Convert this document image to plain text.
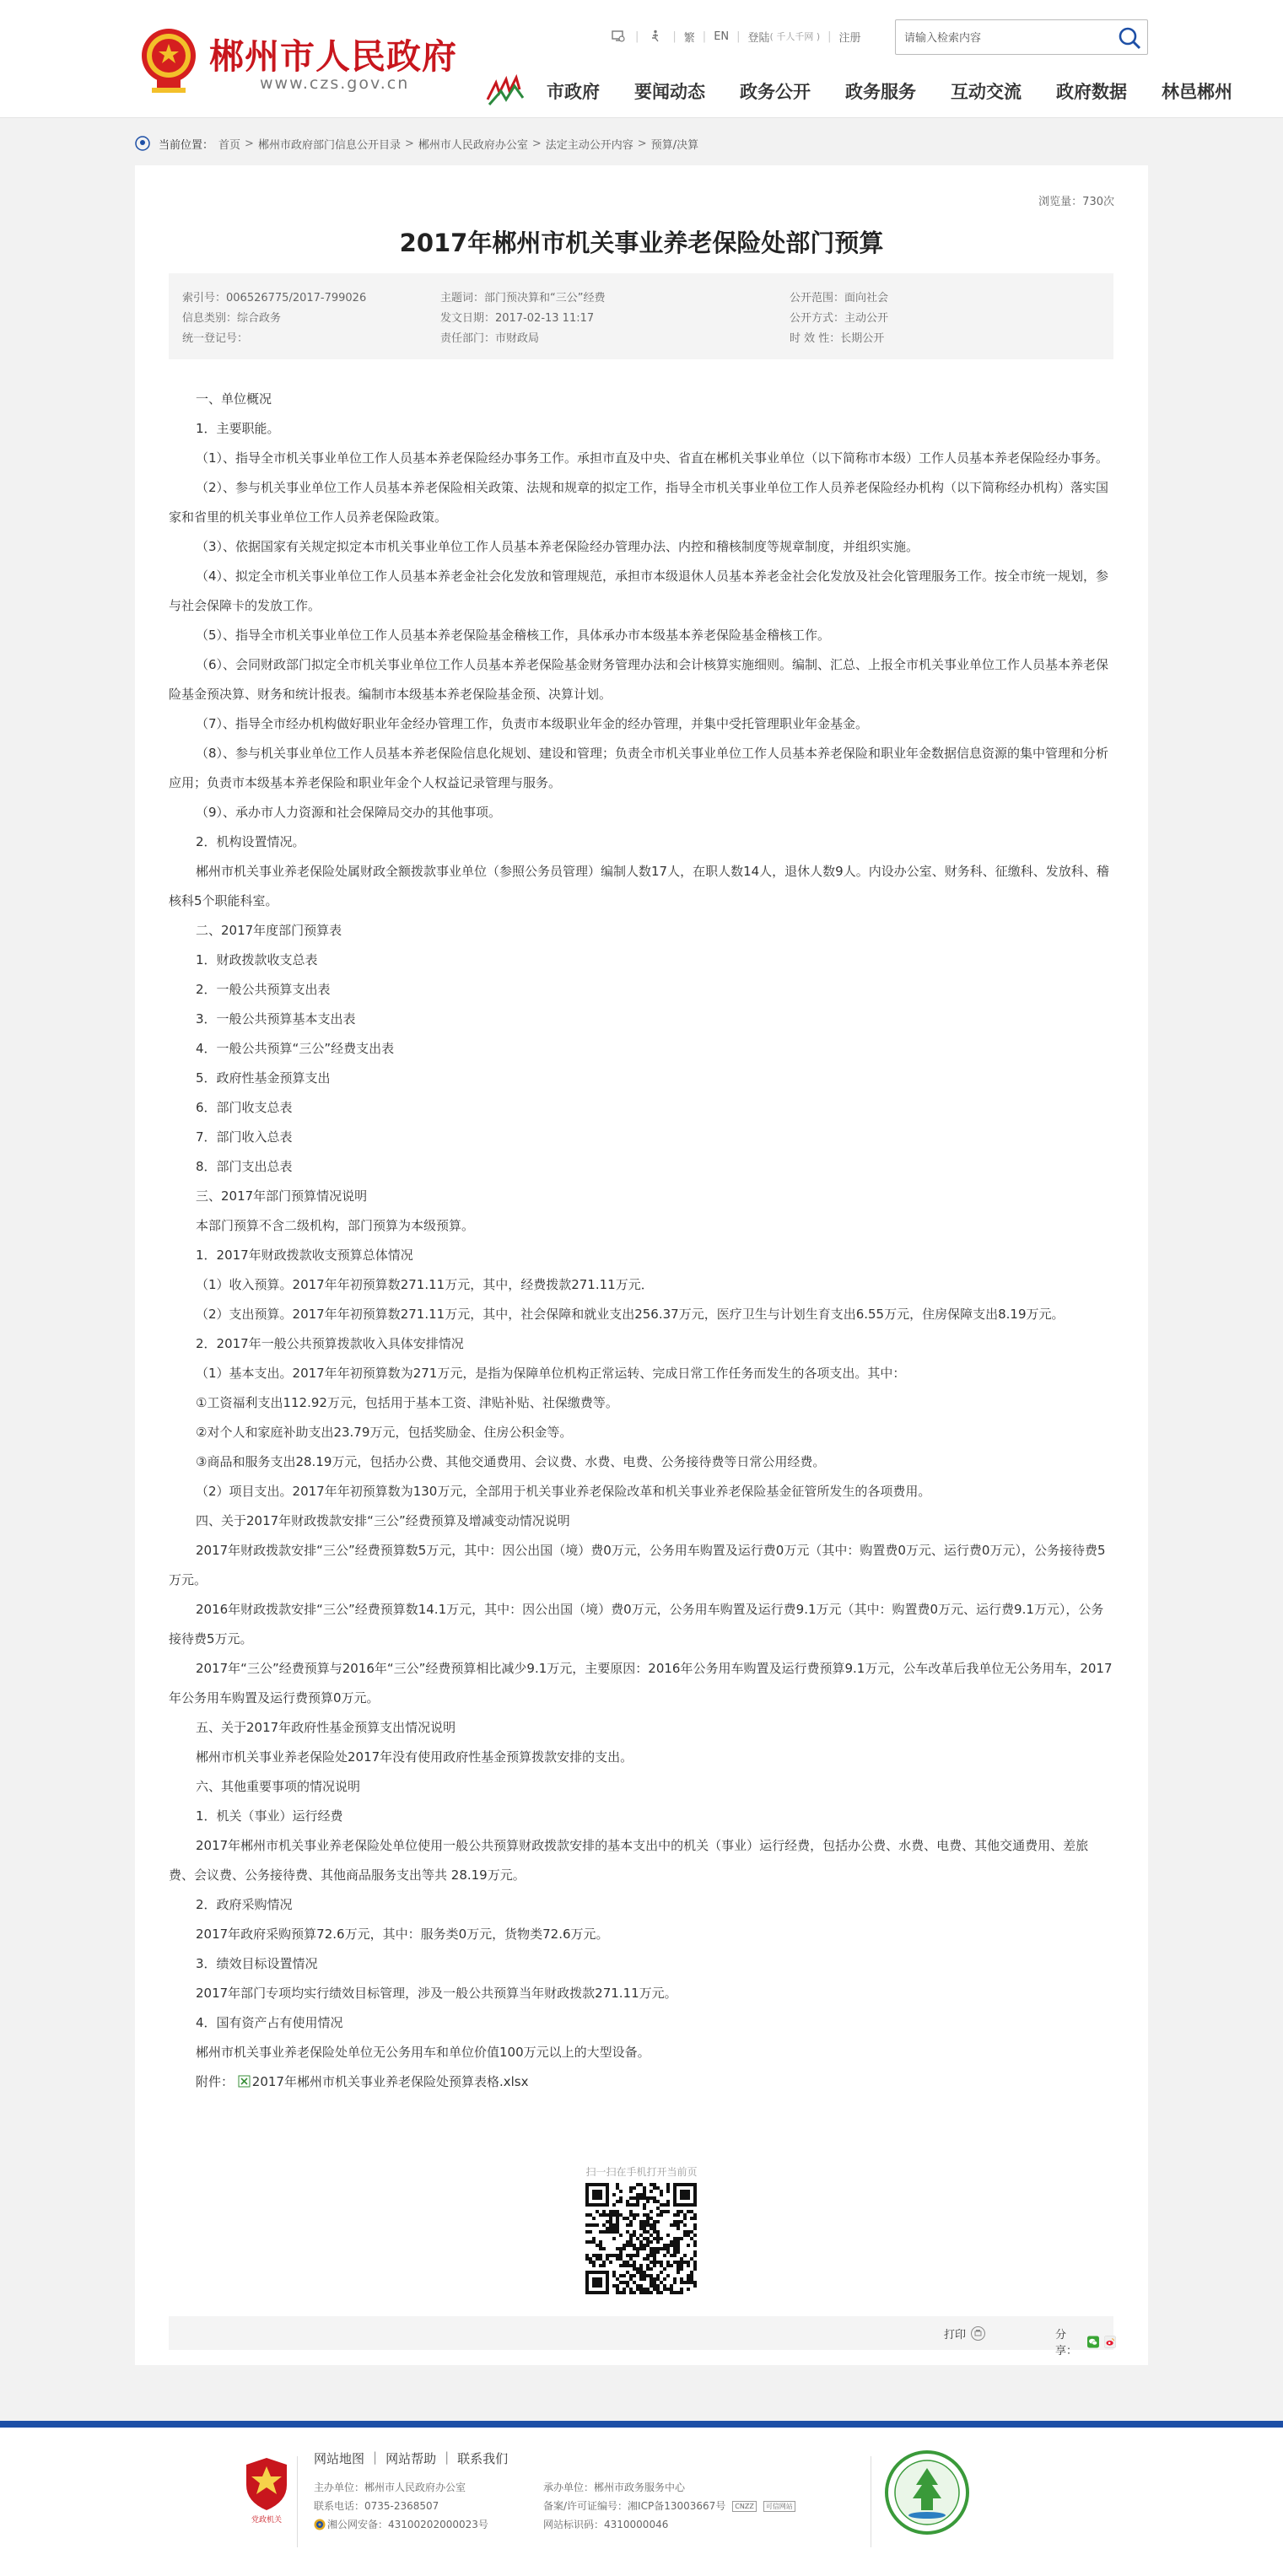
郴州市人民政府
www.czs.gov.cn
|	| 繁 | EN | 登陆 ( 千人千网 ) | 注册
请输入检索内容
市政府 要闻动态 政务公开 政务服务 互动交流 政府数据 林邑郴州
当前位置： 首页 > 郴州市政府部门信息公开目录 > 郴州市人民政府办公室 > 法定主动公开内容 > 预算/决算
浏览量：730次
2017年郴州市机关事业养老保险处部门预算
索引号：006526775/2017-799026	主题词：部门预决算和“三公”经费	公开范围：面向社会
信息类别：综合政务	发文日期：2017-02-13 11:17	公开方式：主动公开
统一登记号：	责任部门：市财政局	时 效 性：长期公开

一、单位概况

1．主要职能。

（1）、指导全市机关事业单位工作人员基本养老保险经办事务工作。承担市直及中央、省直在郴机关事业单位（以下简称市本级）工作人员基本养老保险经办事务。

（2）、参与机关事业单位工作人员基本养老保险相关政策、法规和规章的拟定工作，指导全市机关事业单位工作人员养老保险经办机构（以下简称经办机构）落实国家和省里的机关事业单位工作人员养老保险政策。

（3）、依据国家有关规定拟定本市机关事业单位工作人员基本养老保险经办管理办法、内控和稽核制度等规章制度，并组织实施。

（4）、拟定全市机关事业单位工作人员基本养老金社会化发放和管理规范，承担市本级退休人员基本养老金社会化发放及社会化管理服务工作。按全市统一规划，参与社会保障卡的发放工作。

（5）、指导全市机关事业单位工作人员基本养老保险基金稽核工作，具体承办市本级基本养老保险基金稽核工作。

（6）、会同财政部门拟定全市机关事业单位工作人员基本养老保险基金财务管理办法和会计核算实施细则。编制、汇总、上报全市机关事业单位工作人员基本养老保险基金预决算、财务和统计报表。编制市本级基本养老保险基金预、决算计划。

（7）、指导全市经办机构做好职业年金经办管理工作，负责市本级职业年金的经办管理，并集中受托管理职业年金基金。

（8）、参与机关事业单位工作人员基本养老保险信息化规划、建设和管理；负责全市机关事业单位工作人员基本养老保险和职业年金数据信息资源的集中管理和分析应用；负责市本级基本养老保险和职业年金个人权益记录管理与服务。

（9）、承办市人力资源和社会保障局交办的其他事项。

2．机构设置情况。

郴州市机关事业养老保险处属财政全额拨款事业单位（参照公务员管理）编制人数17人，在职人数14人，退休人数9人。内设办公室、财务科、征缴科、发放科、稽核科5个职能科室。

二、2017年度部门预算表

1．财政拨款收支总表

2．一般公共预算支出表

3．一般公共预算基本支出表

4．一般公共预算“三公”经费支出表

5．政府性基金预算支出

6．部门收支总表

7．部门收入总表

8．部门支出总表

三、2017年部门预算情况说明

本部门预算不含二级机构，部门预算为本级预算。

1．2017年财政拨款收支预算总体情况

（1）收入预算。2017年年初预算数271.11万元，其中，经费拨款271.11万元．

（2）支出预算。2017年年初预算数271.11万元，其中，社会保障和就业支出256.37万元，医疗卫生与计划生育支出6.55万元，住房保障支出8.19万元。

2．2017年一般公共预算拨款收入具体安排情况

（1）基本支出。2017年年初预算数为271万元，是指为保障单位机构正常运转、完成日常工作任务而发生的各项支出。其中：

①工资福利支出112.92万元，包括用于基本工资、津贴补贴、社保缴费等。

②对个人和家庭补助支出23.79万元，包括奖励金、住房公积金等。

③商品和服务支出28.19万元，包括办公费、其他交通费用、会议费、水费、电费、公务接待费等日常公用经费。

（2）项目支出。2017年年初预算数为130万元，全部用于机关事业养老保险改革和机关事业养老保险基金征管所发生的各项费用。

四、关于2017年财政拨款安排“三公”经费预算及增减变动情况说明

2017年财政拨款安排“三公”经费预算数5万元，其中：因公出国（境）费0万元，公务用车购置及运行费0万元（其中：购置费0万元、运行费0万元），公务接待费5万元。

2016年财政拨款安排“三公”经费预算数14.1万元，其中：因公出国（境）费0万元，公务用车购置及运行费9.1万元（其中：购置费0万元、运行费9.1万元），公务接待费5万元。

2017年“三公”经费预算与2016年“三公”经费预算相比减少9.1万元，主要原因：2016年公务用车购置及运行费预算9.1万元，公车改革后我单位无公务用车，2017年公务用车购置及运行费预算0万元。

五、关于2017年政府性基金预算支出情况说明

郴州市机关事业养老保险处2017年没有使用政府性基金预算拨款安排的支出。

六、其他重要事项的情况说明

1．机关（事业）运行经费

2017年郴州市机关事业养老保险处单位使用一般公共预算财政拨款安排的基本支出中的机关（事业）运行经费，包括办公费、水费、电费、其他交通费用、差旅费、会议费、公务接待费、其他商品服务支出等共 28.19万元。

2．政府采购情况

2017年政府采购预算72.6万元，其中：服务类0万元，货物类72.6万元。

3．绩效目标设置情况

2017年部门专项均实行绩效目标管理，涉及一般公共预算当年财政拨款271.11万元。

4．国有资产占有使用情况

郴州市机关事业养老保险处单位无公务用车和单位价值100万元以上的大型设备。

附件： 2017年郴州市机关事业养老保险处预算表格.xlsx
扫一扫在手机打开当前页
打印	分享：
党政机关
网站地图 | 网站帮助 | 联系我们
主办单位：郴州市人民政府办公室	承办单位：郴州市政务服务中心
联系电话：0735-2368507	备案/许可证编号：湘ICP备13003667号	CNZZ	可信网站
湘公网安备：43100202000023号	网站标识码：4310000046
